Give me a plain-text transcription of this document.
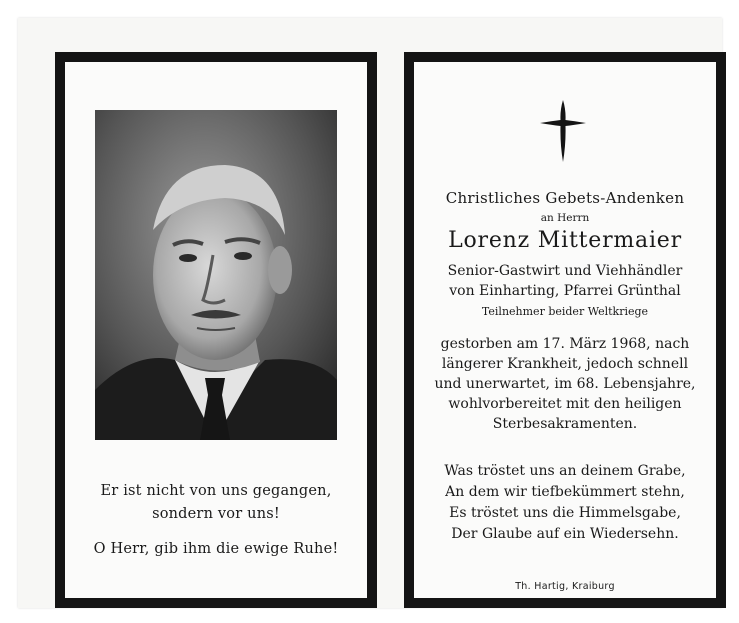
Er ist nicht von uns gegangen,
sondern vor uns!
O Herr, gib ihm die ewige Ruhe!
Christliches Gebets-Andenken
an Herrn
Lorenz Mittermaier
Senior-Gastwirt und Viehhändler
von Einharting, Pfarrei Grünthal
Teilnehmer beider Weltkriege
gestorben am 17. März 1968, nach
längerer Krankheit, jedoch schnell
und unerwartet, im 68. Lebensjahre,
wohlvorbereitet mit den heiligen
Sterbesakramenten.
Was tröstet uns an deinem Grabe,
An dem wir tiefbekümmert stehn,
Es tröstet uns die Himmelsgabe,
Der Glaube auf ein Wiedersehn.
Th. Hartig, Kraiburg
